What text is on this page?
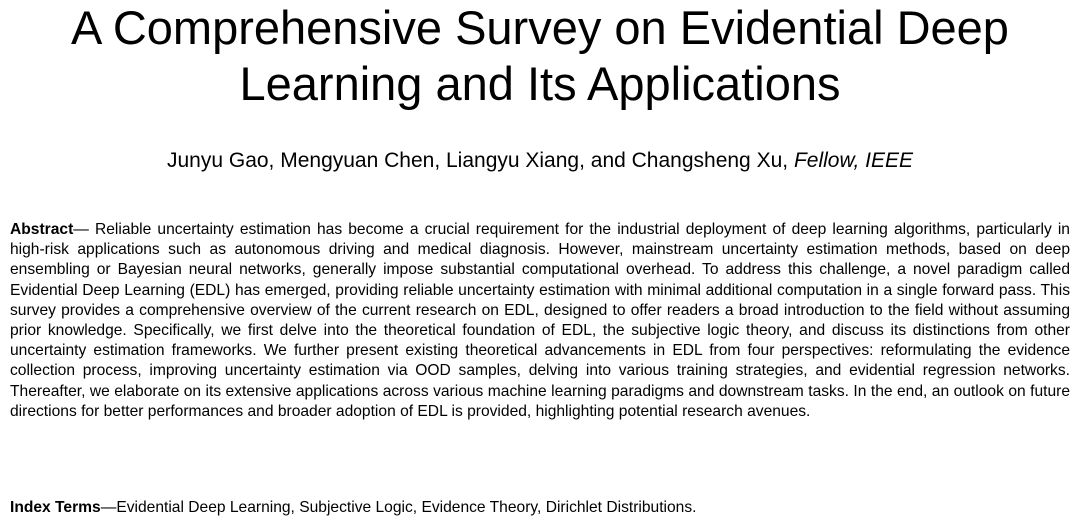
A Comprehensive Survey on Evidential Deep
Learning and Its Applications
Junyu Gao, Mengyuan Chen, Liangyu Xiang, and Changsheng Xu, Fellow, IEEE

Abstract— Reliable uncertainty estimation has become a crucial requirement for the industrial deployment of deep learning algorithms, particularly in high-risk applications such as autonomous driving and medical diagnosis. However, mainstream uncertainty estimation methods, based on deep ensembling or Bayesian neural networks, generally impose substantial computational overhead. To address this challenge, a novel paradigm called Evidential Deep Learning (EDL) has emerged, providing reliable uncertainty estimation with minimal additional computation in a single forward pass. This survey provides a comprehensive overview of the current research on EDL, designed to offer readers a broad introduction to the field without assuming prior knowledge. Specifically, we first delve into the theoretical foundation of EDL, the subjective logic theory, and discuss its distinctions from other uncertainty estimation frameworks. We further present existing theoretical advancements in EDL from four perspectives: reformulating the evidence collection process, improving uncertainty estimation via OOD samples, delving into various training strategies, and evidential regression networks. Thereafter, we elaborate on its extensive applications across various machine learning paradigms and downstream tasks. In the end, an outlook on future directions for better performances and broader adoption of EDL is provided, highlighting potential research avenues.

Index Terms—Evidential Deep Learning, Subjective Logic, Evidence Theory, Dirichlet Distributions.
